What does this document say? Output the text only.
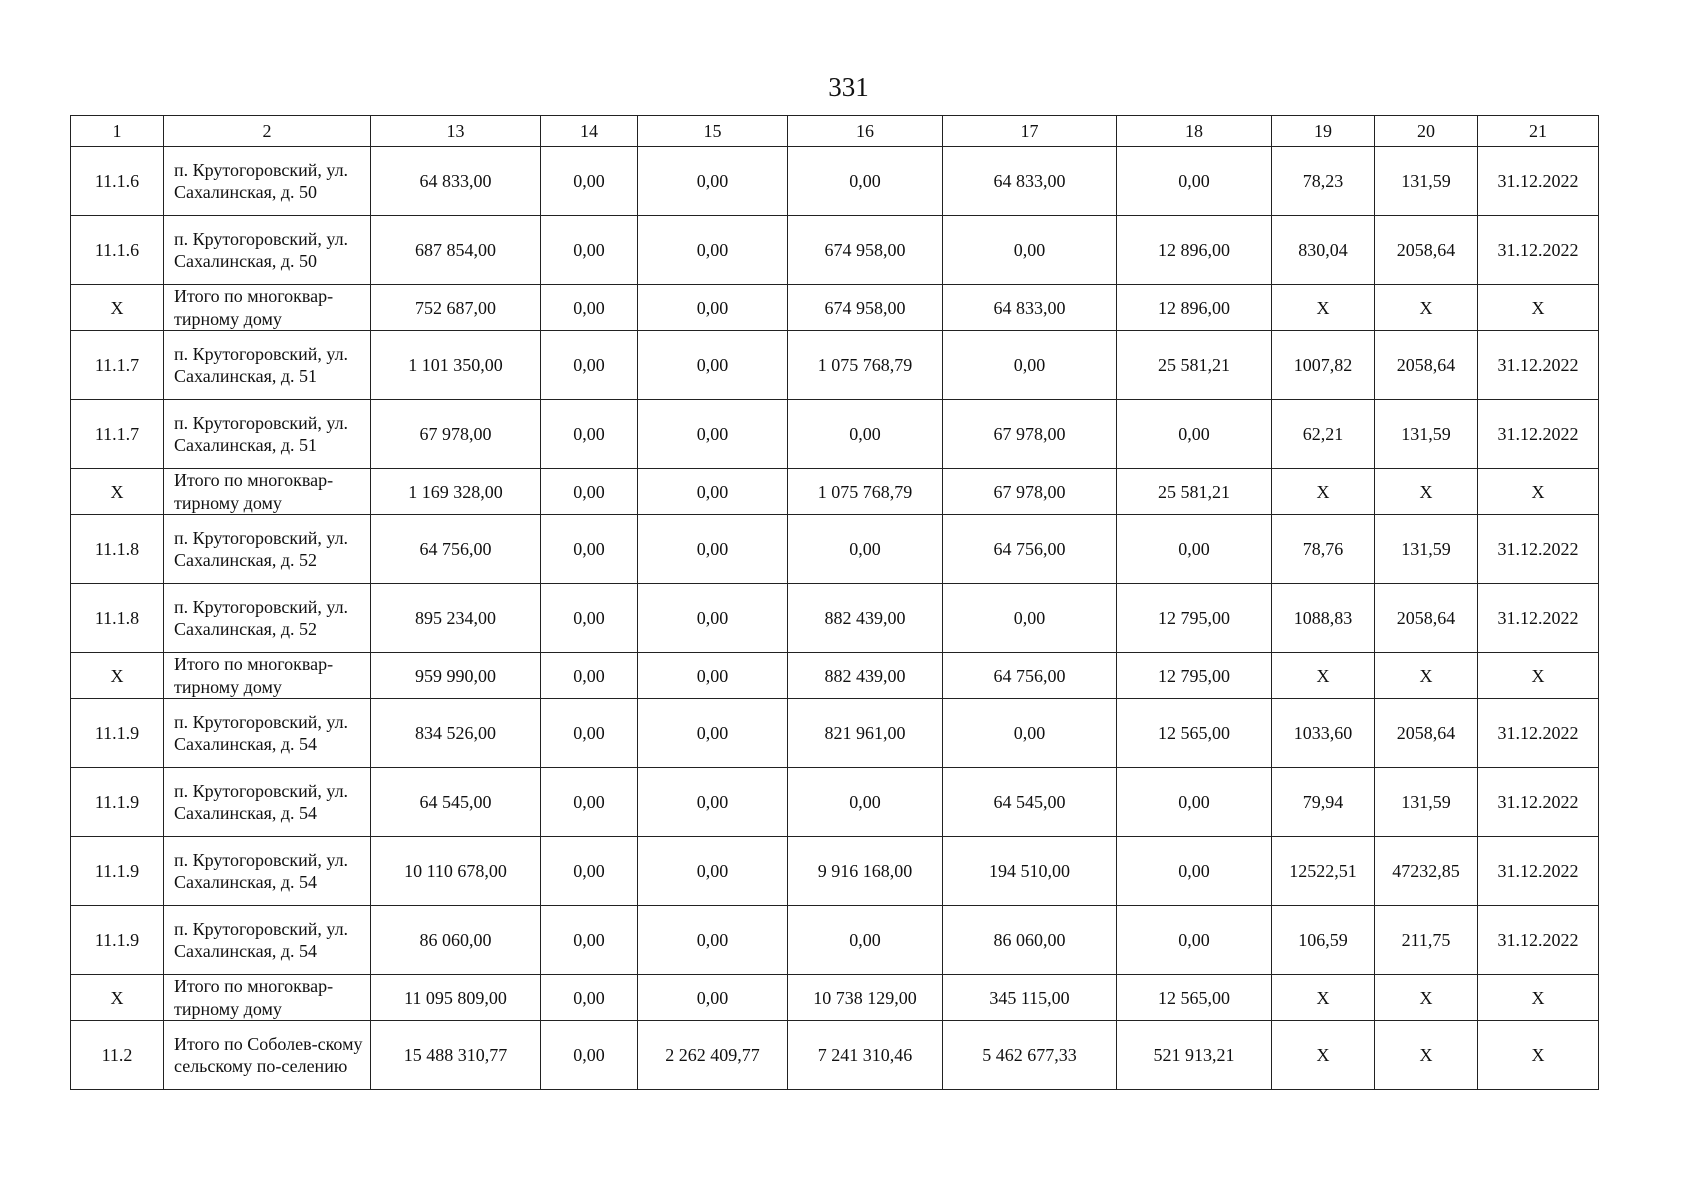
331
1	2	13	14	15	16	17	18	19	20	21
11.1.6	п. Крутогоровский, ул. Сахалинская, д. 50	64 833,00	0,00	0,00	0,00	64 833,00	0,00	78,23	131,59	31.12.2022
11.1.6	п. Крутогоровский, ул. Сахалинская, д. 50	687 854,00	0,00	0,00	674 958,00	0,00	12 896,00	830,04	2058,64	31.12.2022
X	Итого по многоквар-тирному дому	752 687,00	0,00	0,00	674 958,00	64 833,00	12 896,00	X	X	X
11.1.7	п. Крутогоровский, ул. Сахалинская, д. 51	1 101 350,00	0,00	0,00	1 075 768,79	0,00	25 581,21	1007,82	2058,64	31.12.2022
11.1.7	п. Крутогоровский, ул. Сахалинская, д. 51	67 978,00	0,00	0,00	0,00	67 978,00	0,00	62,21	131,59	31.12.2022
X	Итого по многоквар-тирному дому	1 169 328,00	0,00	0,00	1 075 768,79	67 978,00	25 581,21	X	X	X
11.1.8	п. Крутогоровский, ул. Сахалинская, д. 52	64 756,00	0,00	0,00	0,00	64 756,00	0,00	78,76	131,59	31.12.2022
11.1.8	п. Крутогоровский, ул. Сахалинская, д. 52	895 234,00	0,00	0,00	882 439,00	0,00	12 795,00	1088,83	2058,64	31.12.2022
X	Итого по многоквар-тирному дому	959 990,00	0,00	0,00	882 439,00	64 756,00	12 795,00	X	X	X
11.1.9	п. Крутогоровский, ул. Сахалинская, д. 54	834 526,00	0,00	0,00	821 961,00	0,00	12 565,00	1033,60	2058,64	31.12.2022
11.1.9	п. Крутогоровский, ул. Сахалинская, д. 54	64 545,00	0,00	0,00	0,00	64 545,00	0,00	79,94	131,59	31.12.2022
11.1.9	п. Крутогоровский, ул. Сахалинская, д. 54	10 110 678,00	0,00	0,00	9 916 168,00	194 510,00	0,00	12522,51	47232,85	31.12.2022
11.1.9	п. Крутогоровский, ул. Сахалинская, д. 54	86 060,00	0,00	0,00	0,00	86 060,00	0,00	106,59	211,75	31.12.2022
X	Итого по многоквар-тирному дому	11 095 809,00	0,00	0,00	10 738 129,00	345 115,00	12 565,00	X	X	X
11.2	Итого по Соболев-скому сельскому по-селению	15 488 310,77	0,00	2 262 409,77	7 241 310,46	5 462 677,33	521 913,21	X	X	X
